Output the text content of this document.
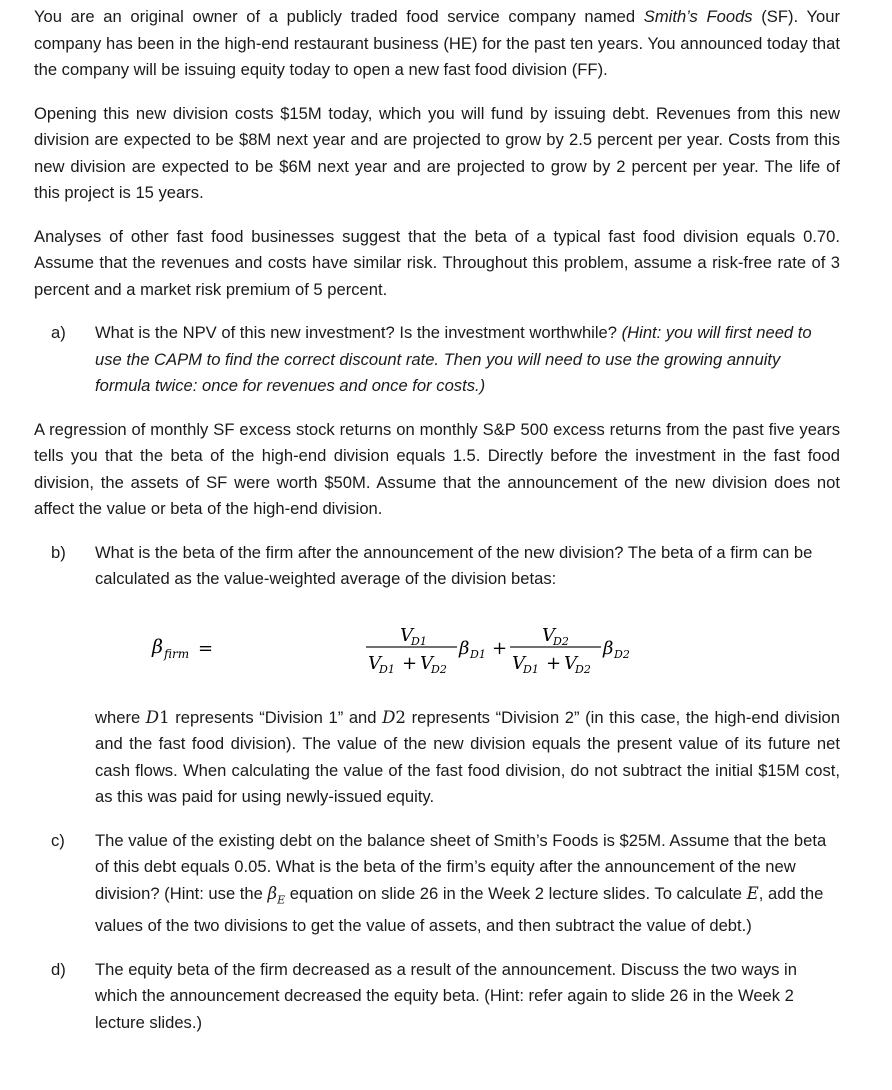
You are an original owner of a publicly traded food service company named Smith’s Foods (SF). Your company has been in the high-end restaurant business (HE) for the past ten years. You announced today that the company will be issuing equity today to open a new fast food division (FF).

Opening this new division costs $15M today, which you will fund by issuing debt. Revenues from this new division are expected to be $8M next year and are projected to grow by 2.5 percent per year. Costs from this new division are expected to be $6M next year and are projected to grow by 2 percent per year. The life of this project is 15 years.

Analyses of other fast food businesses suggest that the beta of a typical fast food division equals 0.70. Assume that the revenues and costs have similar risk. Throughout this problem, assume a risk-free rate of 3 percent and a market risk premium of 5 percent.

a) What is the NPV of this new investment? Is the investment worthwhile? (Hint: you will first need to use the CAPM to find the correct discount rate. Then you will need to use the growing annuity formula twice: once for revenues and once for costs.)

A regression of monthly SF excess stock returns on monthly S&P 500 excess returns from the past five years tells you that the beta of the high-end division equals 1.5. Directly before the investment in the fast food division, the assets of SF were worth $50M. Assume that the announcement of the new division does not affect the value or beta of the high-end division.

b) What is the beta of the firm after the announcement of the new division? The beta of a firm can be calculated as the value-weighted average of the division betas:

β firm =
V
D1
V
D1 + V
D2
β D1 +
V
D2
V
D1 + V
D2
β D2

where D1 represents “Division 1” and D2 represents “Division 2” (in this case, the high-end division and the fast food division). The value of the new division equals the present value of its future net cash flows. When calculating the value of the fast food division, do not subtract the initial $15M cost, as this was paid for using newly-issued equity.

c) The value of the existing debt on the balance sheet of Smith’s Foods is $25M. Assume that the beta of this debt equals 0.05. What is the beta of the firm’s equity after the announcement of the new division? (Hint: use the $\beta_E$ equation on slide 26 in the Week 2 lecture slides. To calculate E, add the values of the two divisions to get the value of assets, and then subtract the value of debt.)

d) The equity beta of the firm decreased as a result of the announcement. Discuss the two ways in which the announcement decreased the equity beta. (Hint: refer again to slide 26 in the Week 2 lecture slides.)
